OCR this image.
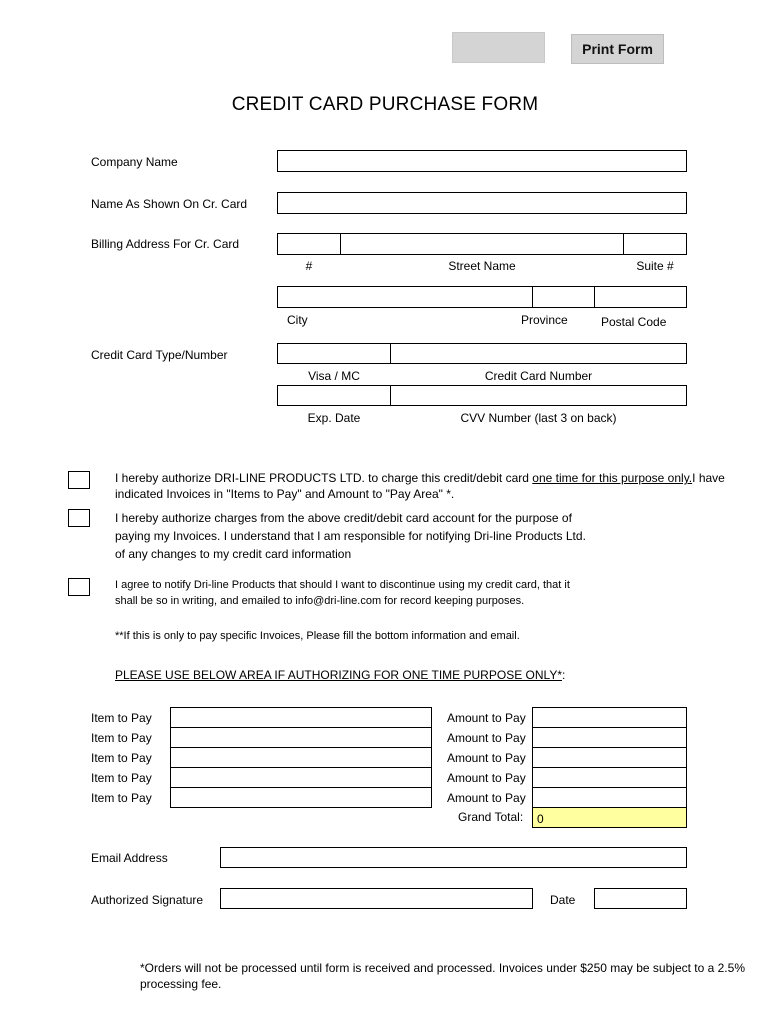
Print Form
CREDIT CARD PURCHASE FORM
Company Name
Name As Shown On Cr. Card
Billing Address For Cr. Card
#	Street Name	Suite #
City	Province	Postal Code
Credit Card Type/Number
Visa / MC	Credit Card Number
Exp. Date	CVV Number (last 3 on back)
I hereby authorize DRI-LINE PRODUCTS LTD. to charge this credit/debit card one time for this purpose only.I have indicated Invoices in "Items to Pay" and Amount to "Pay Area" *.
I hereby authorize charges from the above credit/debit card account for the purpose of
paying my Invoices. I understand that I am responsible for notifying Dri-line Products Ltd.
of any changes to my credit card information
I agree to notify Dri-line Products that should I want to discontinue using my credit card, that it
shall be so in writing, and emailed to info@dri-line.com for record keeping purposes.
**If this is only to pay specific Invoices, Please fill the bottom information and email.
PLEASE USE BELOW AREA IF AUTHORIZING FOR ONE TIME PURPOSE ONLY*:
Item to Pay	Amount to Pay
Item to Pay	Amount to Pay
Item to Pay	Amount to Pay
Item to Pay	Amount to Pay
Item to Pay	Amount to Pay
Grand Total:	0
Email Address
Authorized Signature	Date
*Orders will not be processed until form is received and processed. Invoices under $250 may be subject to a 2.5% processing fee.
